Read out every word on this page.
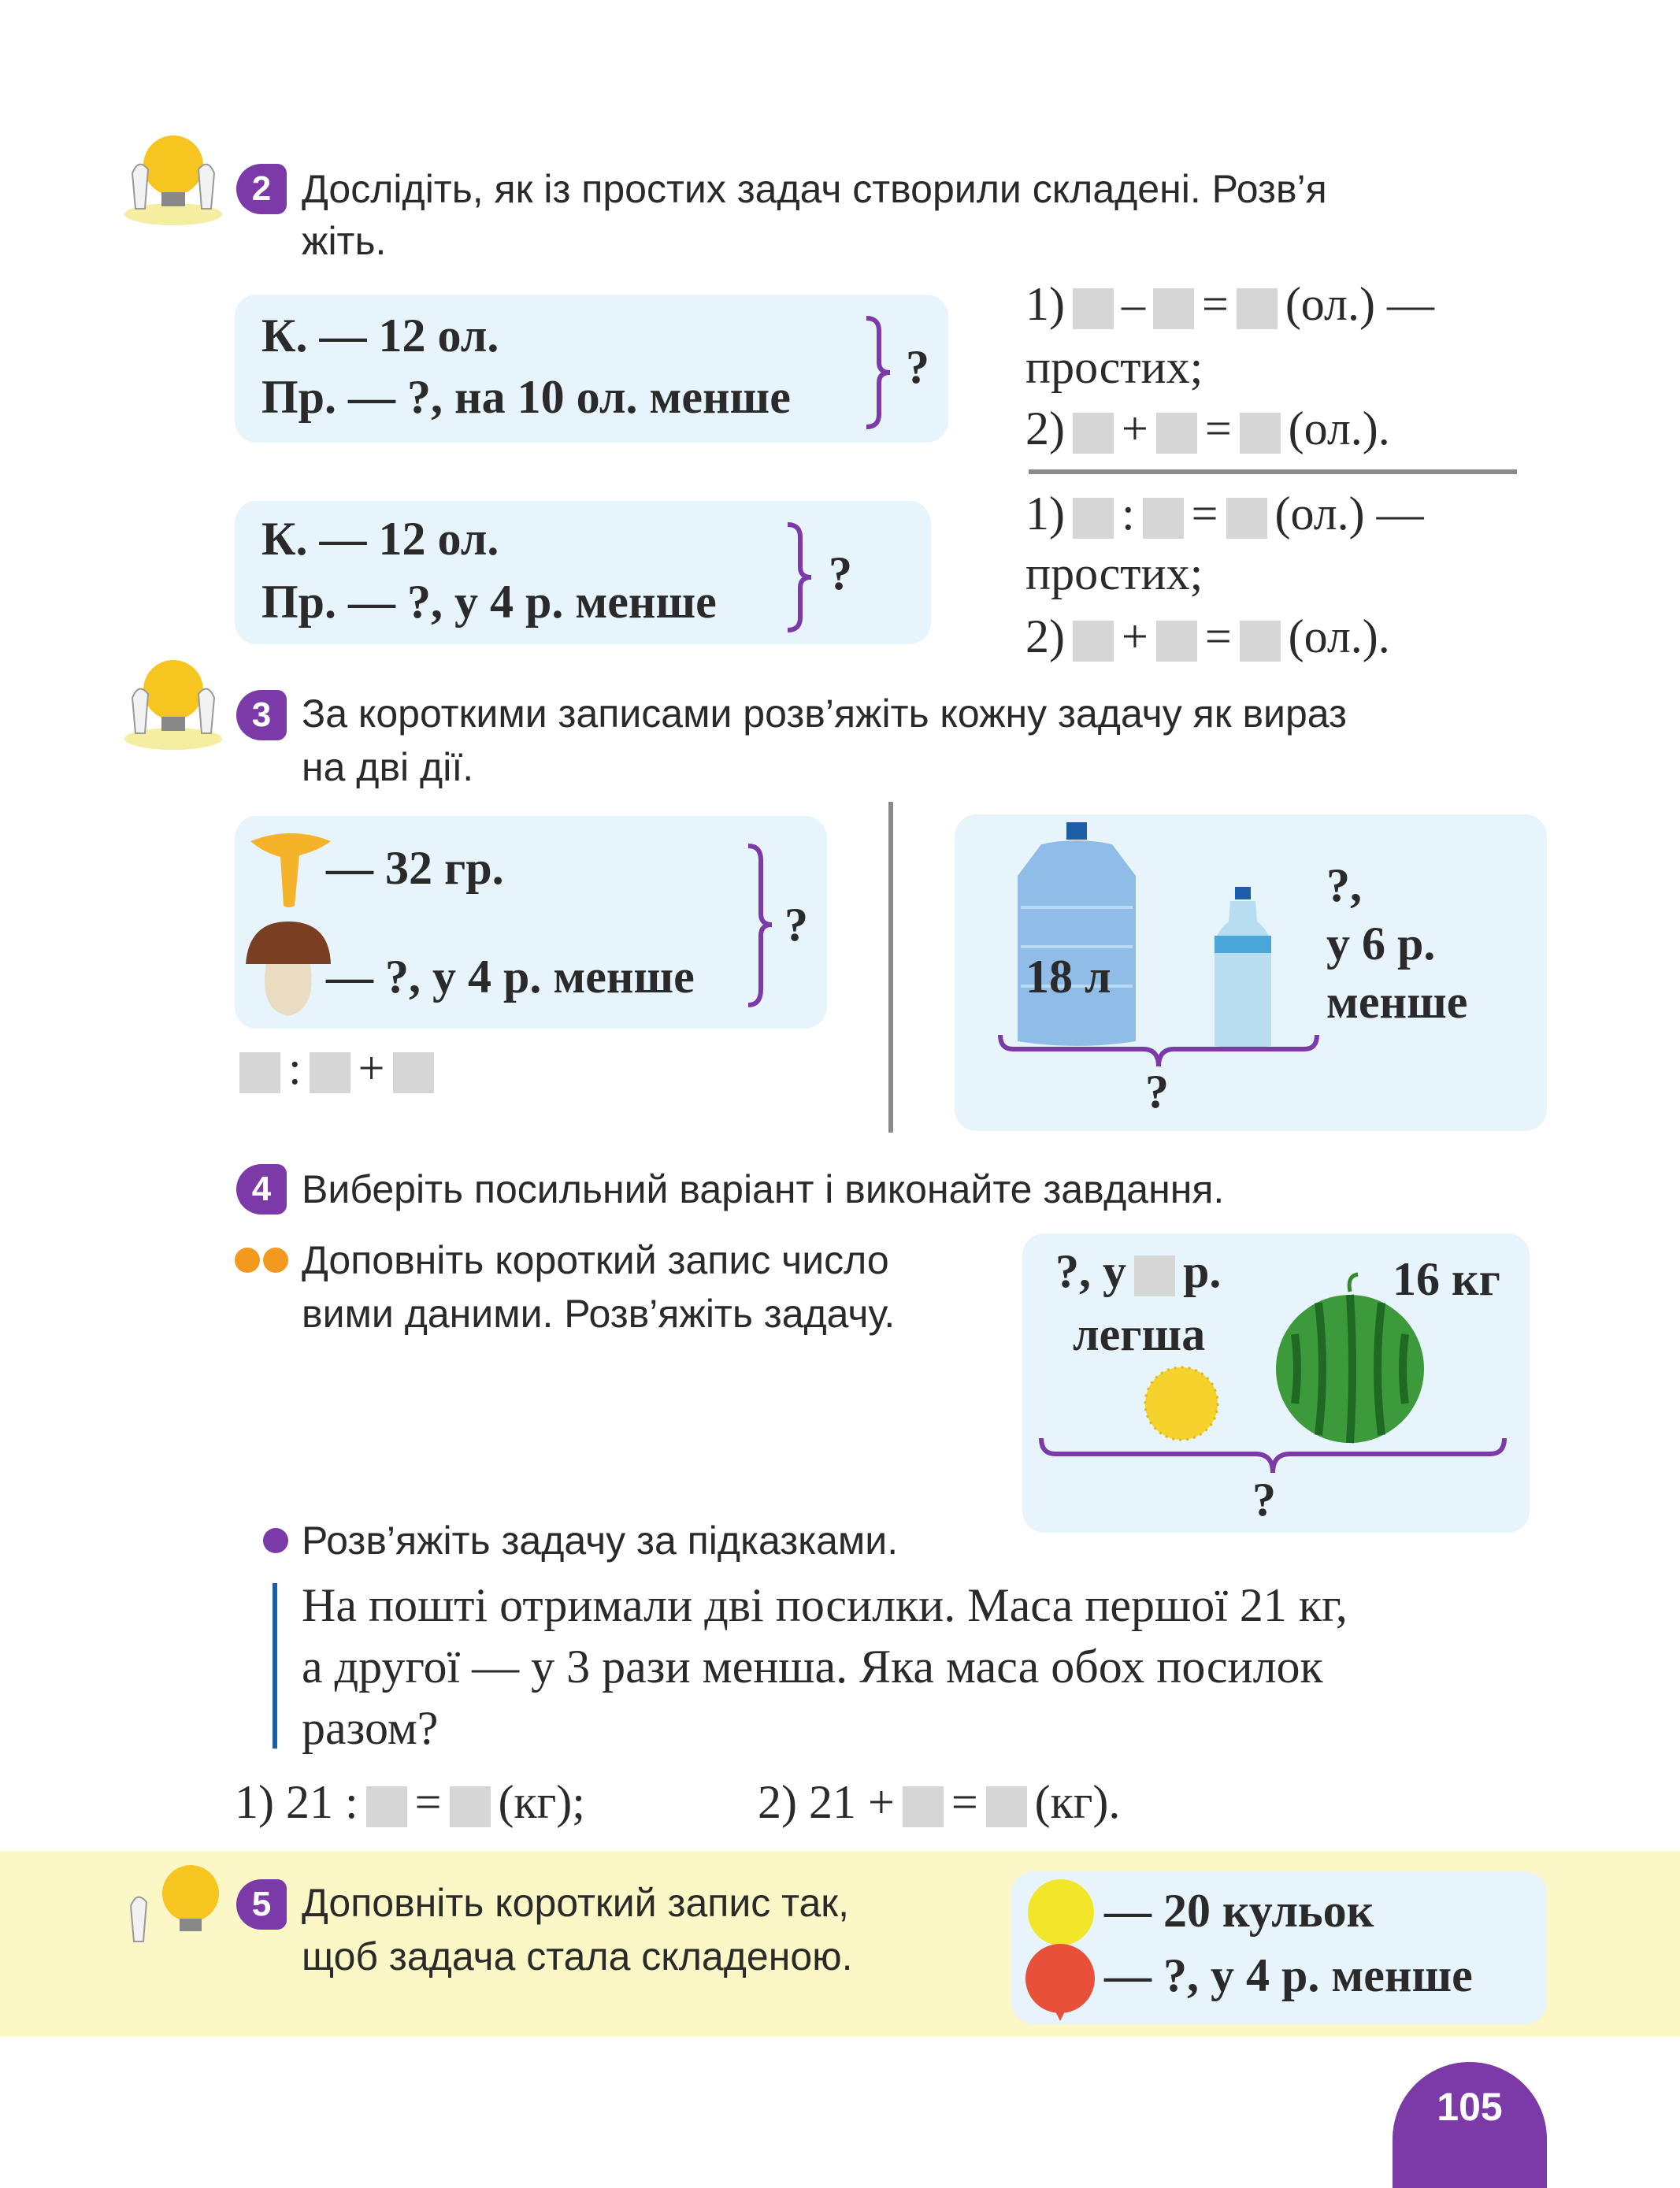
2 Дослідіть, як із простих задач створили складені. Розв’я
жіть.
К. — 12 ол.
Пр. — ?, на 10 ол. менше
?
К. — 12 ол.
Пр. — ?, у 4 р. менше
?
1) – = (ол.) —
простих;
2) + = (ол.).
1) : = (ол.) —
простих;
2) + = (ол.).
3 За короткими записами розв’яжіть кожну задачу як вираз
на дві дії.
— 32 гр.
— ?, у 4 р. менше
?
: +
18 л
?
?,
у 6 р.
менше
4 Виберіть посильний варіант і виконайте завдання.
Доповніть короткий запис число
вими даними. Розв’яжіть задачу.
?, у р.
легша
16 кг
?
Розв’яжіть задачу за підказками.
На пошті отримали дві посилки. Маса першої 21 кг,
а другої — у 3 рази менша. Яка маса обох посилок
разом?
1) 21 : = (кг);	2) 21 + = (кг).
5 Доповніть короткий запис так,
щоб задача стала складеною.
— 20 кульок
— ?, у 4 р. менше
105
